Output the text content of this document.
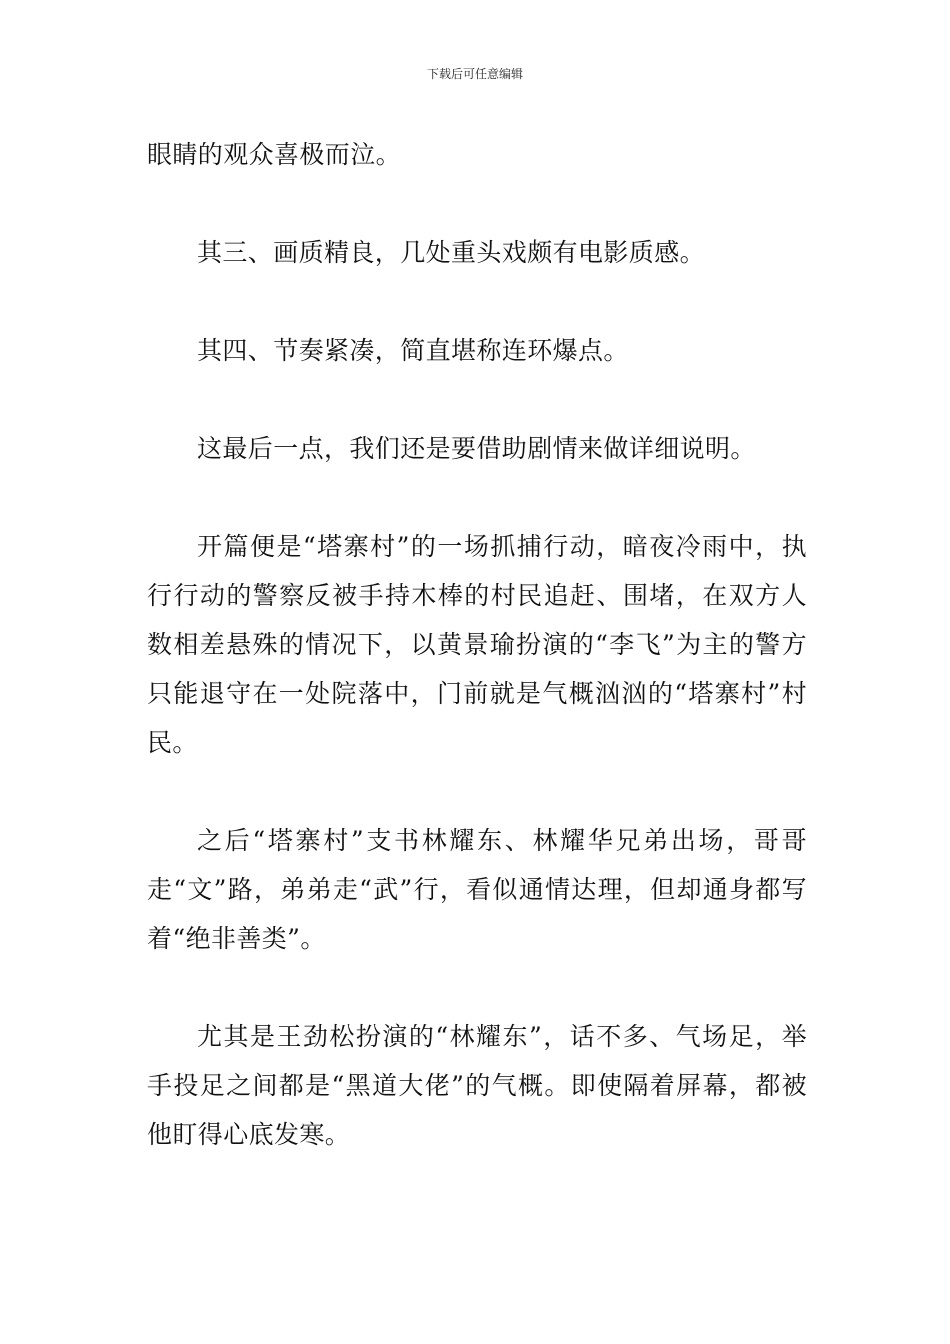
下载后可任意编辑

眼睛的观众喜极而泣。

其三、画质精良，几处重头戏颇有电影质感。

其四、节奏紧凑，简直堪称连环爆点。

这最后一点，我们还是要借助剧情来做详细说明。

开篇便是“塔寨村”的一场抓捕行动，暗夜冷雨中，执行行动的警察反被手持木棒的村民追赶、围堵，在双方人数相差悬殊的情况下，以黄景瑜扮演的“李飞”为主的警方只能退守在一处院落中，门前就是气概汹汹的“塔寨村”村民。

之后“塔寨村”支书林耀东、林耀华兄弟出场，哥哥走“文”路，弟弟走“武”行，看似通情达理，但却通身都写着“绝非善类”。

尤其是王劲松扮演的“林耀东”，话不多、气场足，举手投足之间都是“黑道大佬”的气概。即使隔着屏幕，都被他盯得心底发寒。
